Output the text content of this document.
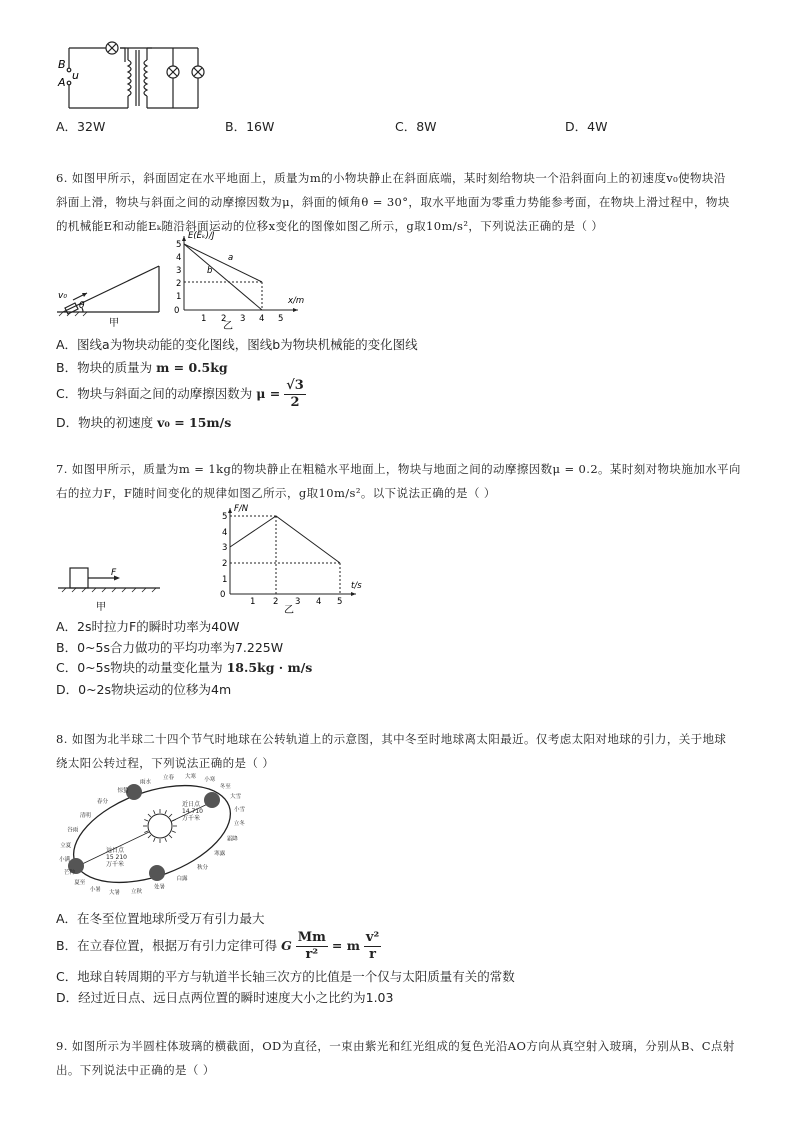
B
A
u
A．32W	B．16W	C．8W	D．4W
6. 如图甲所示，斜面固定在水平地面上，质量为m的小物块静止在斜面底端，某时刻给物块一个沿斜面向上的初速度v₀使物块沿
斜面上滑，物块与斜面之间的动摩擦因数为μ，斜面的倾角θ = 30°，取水平地面为零重力势能参考面，在物块上滑过程中，物块
的机械能E和动能Eₖ随沿斜面运动的位移x变化的图像如图乙所示，g取10m/s²，下列说法正确的是（ ）
v₀
θ
甲
0
1
2
3
4
5
1 2 3 4 5
E(Eₖ)/J
x/m
a
b
乙
A．图线a为物块动能的变化图线，图线b为物块机械能的变化图线
B．物块的质量为 m = 0.5kg
C．物块与斜面之间的动摩擦因数为 $\mu = \frac{√3}{2}$
D．物块的初速度 v₀ = 15m/s
7. 如图甲所示，质量为m = 1kg的物块静止在粗糙水平地面上，物块与地面之间的动摩擦因数μ = 0.2。某时刻对物块施加水平向
右的拉力F，F随时间变化的规律如图乙所示，g取10m/s²。以下说法正确的是（ ）
F
甲
0
1
2
3
4
5
1 2 3 4 5
F/N
t/s
乙
A．2s时拉力F的瞬时功率为40W
B．0~5s合力做功的平均功率为7.225W
C．0~5s物块的动量变化量为 18.5kg · m/s
D．0~2s物块运动的位移为4m
8. 如图为北半球二十四个节气时地球在公转轨道上的示意图，其中冬至时地球离太阳最近。仅考虑太阳对地球的引力，关于地球
绕太阳公转过程，下列说法正确的是（ ）
冬至
小寒
大寒
立春
雨水
惊蛰
春分
清明
谷雨
立夏
小满
芒种
夏至
小暑
大暑 立秋
处暑
白露
秋分
寒露
霜降
立冬
小雪
大雪
远日点
15 210
万千米
近日点
14 710
万千米
A．在冬至位置地球所受万有引力最大
B．在立春位置，根据万有引力定律可得 G $\frac{Mm}{\text{r²}} = m \frac{\text{v²}}{r}$
C．地球自转周期的平方与轨道半长轴三次方的比值是一个仅与太阳质量有关的常数
D．经过近日点、远日点两位置的瞬时速度大小之比约为1.03
9. 如图所示为半圆柱体玻璃的横截面，OD为直径，一束由紫光和红光组成的复色光沿AO方向从真空射入玻璃，分别从B、C点射
出。下列说法中正确的是（ ）
